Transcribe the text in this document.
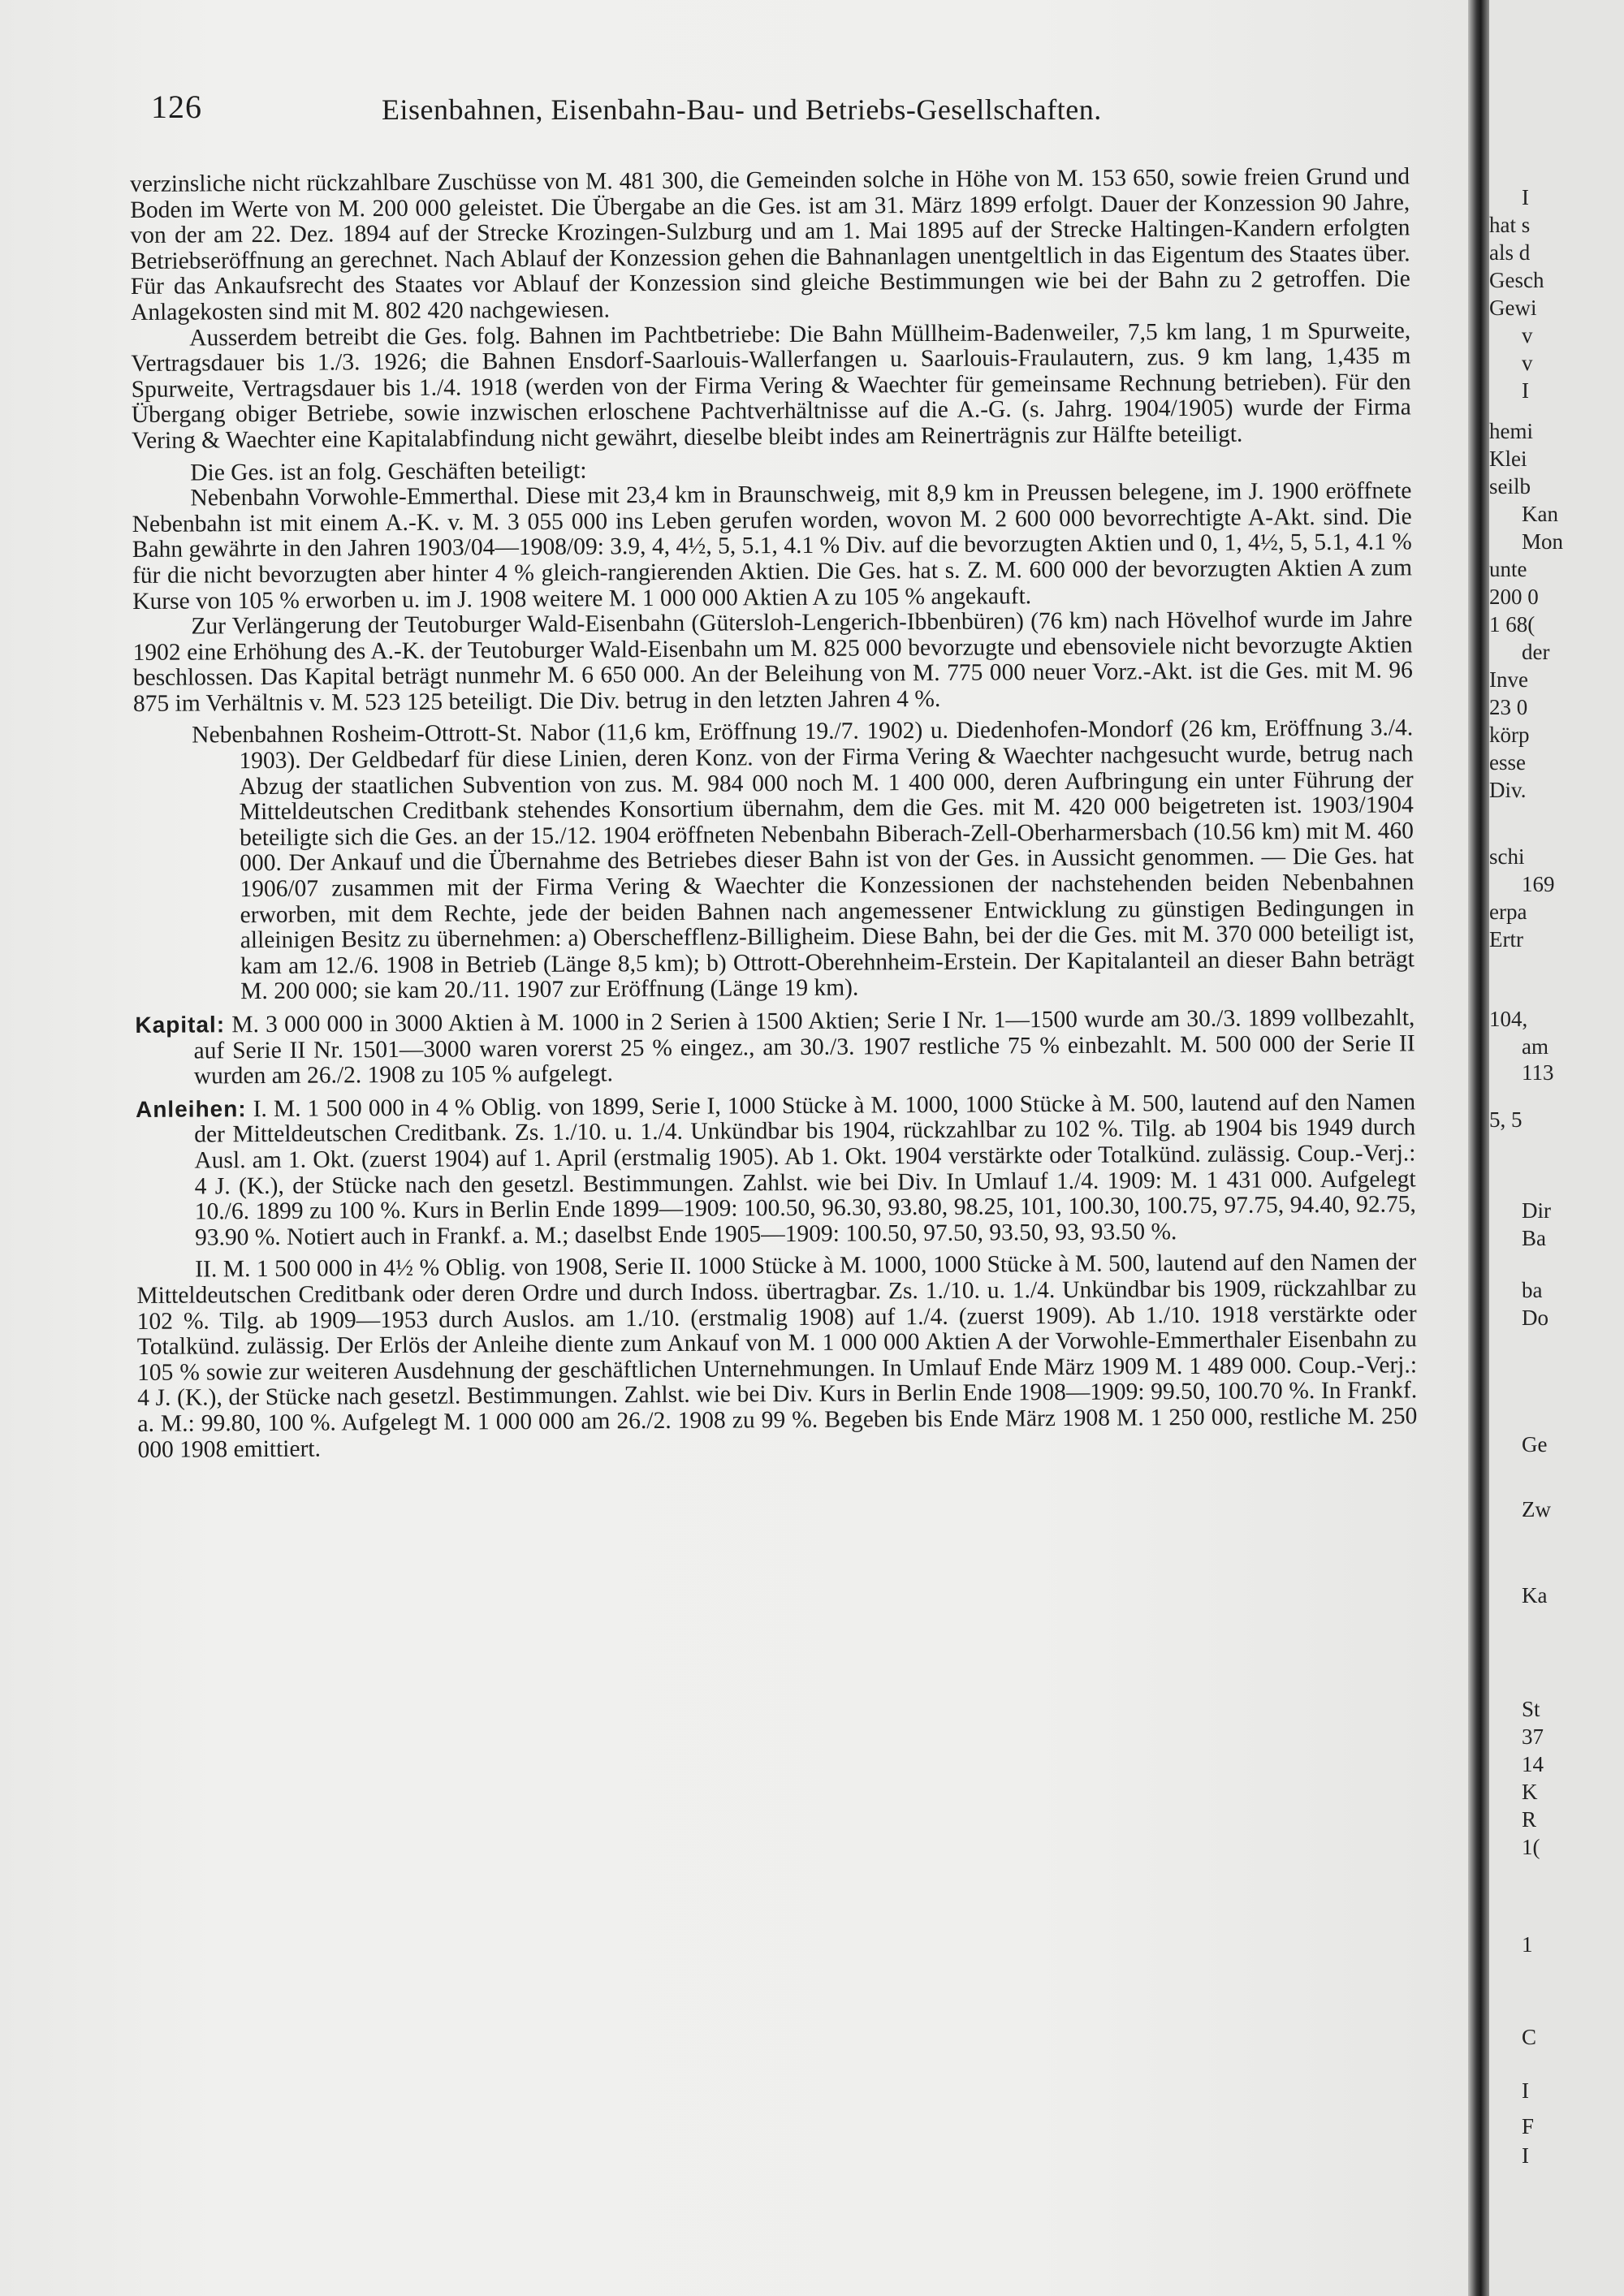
126	Eisenbahnen, Eisenbahn-Bau- und Betriebs-Gesellschaften.

verzinsliche nicht rückzahlbare Zuschüsse von M. 481 300, die Gemeinden solche in Höhe von M. 153 650, sowie freien Grund und Boden im Werte von M. 200 000 geleistet. Die Übergabe an die Ges. ist am 31. März 1899 erfolgt. Dauer der Konzession 90 Jahre, von der am 22. Dez. 1894 auf der Strecke Krozingen-Sulzburg und am 1. Mai 1895 auf der Strecke Haltingen-Kandern erfolgten Betriebseröffnung an gerechnet. Nach Ablauf der Konzession gehen die Bahnanlagen unentgeltlich in das Eigentum des Staates über. Für das Ankaufsrecht des Staates vor Ablauf der Konzession sind gleiche Bestimmungen wie bei der Bahn zu 2 getroffen. Die Anlagekosten sind mit M. 802 420 nachgewiesen.

Ausserdem betreibt die Ges. folg. Bahnen im Pachtbetriebe: Die Bahn Müllheim-Badenweiler, 7,5 km lang, 1 m Spurweite, Vertragsdauer bis 1./3. 1926; die Bahnen Ensdorf-Saarlouis-Wallerfangen u. Saarlouis-Fraulautern, zus. 9 km lang, 1,435 m Spurweite, Vertragsdauer bis 1./4. 1918 (werden von der Firma Vering & Waechter für gemeinsame Rechnung betrieben). Für den Übergang obiger Betriebe, sowie inzwischen erloschene Pachtverhältnisse auf die A.-G. (s. Jahrg. 1904/1905) wurde der Firma Vering & Waechter eine Kapitalabfindung nicht gewährt, dieselbe bleibt indes am Reinerträgnis zur Hälfte beteiligt.

Die Ges. ist an folg. Geschäften beteiligt:

Nebenbahn Vorwohle-Emmerthal. Diese mit 23,4 km in Braunschweig, mit 8,9 km in Preussen belegene, im J. 1900 eröffnete Nebenbahn ist mit einem A.-K. v. M. 3 055 000 ins Leben gerufen worden, wovon M. 2 600 000 bevorrechtigte A-Akt. sind. Die Bahn gewährte in den Jahren 1903/04—1908/09: 3.9, 4, 4½, 5, 5.1, 4.1 % Div. auf die bevorzugten Aktien und 0, 1, 4½, 5, 5.1, 4.1 % für die nicht bevorzugten aber hinter 4 % gleich-rangierenden Aktien. Die Ges. hat s. Z. M. 600 000 der bevorzugten Aktien A zum Kurse von 105 % erworben u. im J. 1908 weitere M. 1 000 000 Aktien A zu 105 % angekauft.

Zur Verlängerung der Teutoburger Wald-Eisenbahn (Gütersloh-Lengerich-Ibbenbüren) (76 km) nach Hövelhof wurde im Jahre 1902 eine Erhöhung des A.-K. der Teutoburger Wald-Eisenbahn um M. 825 000 bevorzugte und ebensoviele nicht bevorzugte Aktien beschlossen. Das Kapital beträgt nunmehr M. 6 650 000. An der Beleihung von M. 775 000 neuer Vorz.-Akt. ist die Ges. mit M. 96 875 im Verhältnis v. M. 523 125 beteiligt. Die Div. betrug in den letzten Jahren 4 %.

Nebenbahnen Rosheim-Ottrott-St. Nabor (11,6 km, Eröffnung 19./7. 1902) u. Diedenhofen-Mondorf (26 km, Eröffnung 3./4. 1903). Der Geldbedarf für diese Linien, deren Konz. von der Firma Vering & Waechter nachgesucht wurde, betrug nach Abzug der staatlichen Subvention von zus. M. 984 000 noch M. 1 400 000, deren Aufbringung ein unter Führung der Mitteldeutschen Creditbank stehendes Konsortium übernahm, dem die Ges. mit M. 420 000 beigetreten ist. 1903/1904 beteiligte sich die Ges. an der 15./12. 1904 eröffneten Nebenbahn Biberach-Zell-Oberharmersbach (10.56 km) mit M. 460 000. Der Ankauf und die Übernahme des Betriebes dieser Bahn ist von der Ges. in Aussicht genommen. — Die Ges. hat 1906/07 zusammen mit der Firma Vering & Waechter die Konzessionen der nachstehenden beiden Nebenbahnen erworben, mit dem Rechte, jede der beiden Bahnen nach angemessener Entwicklung zu günstigen Bedingungen in alleinigen Besitz zu übernehmen: a) Oberschefflenz-Billigheim. Diese Bahn, bei der die Ges. mit M. 370 000 beteiligt ist, kam am 12./6. 1908 in Betrieb (Länge 8,5 km); b) Ottrott-Oberehnheim-Erstein. Der Kapitalanteil an dieser Bahn beträgt M. 200 000; sie kam 20./11. 1907 zur Eröffnung (Länge 19 km).

Kapital: M. 3 000 000 in 3000 Aktien à M. 1000 in 2 Serien à 1500 Aktien; Serie I Nr. 1—1500 wurde am 30./3. 1899 vollbezahlt, auf Serie II Nr. 1501—3000 waren vorerst 25 % eingez., am 30./3. 1907 restliche 75 % einbezahlt. M. 500 000 der Serie II wurden am 26./2. 1908 zu 105 % aufgelegt.

Anleihen: I. M. 1 500 000 in 4 % Oblig. von 1899, Serie I, 1000 Stücke à M. 1000, 1000 Stücke à M. 500, lautend auf den Namen der Mitteldeutschen Creditbank. Zs. 1./10. u. 1./4. Unkündbar bis 1904, rückzahlbar zu 102 %. Tilg. ab 1904 bis 1949 durch Ausl. am 1. Okt. (zuerst 1904) auf 1. April (erstmalig 1905). Ab 1. Okt. 1904 verstärkte oder Totalkünd. zulässig. Coup.-Verj.: 4 J. (K.), der Stücke nach den gesetzl. Bestimmungen. Zahlst. wie bei Div. In Umlauf 1./4. 1909: M. 1 431 000. Aufgelegt 10./6. 1899 zu 100 %. Kurs in Berlin Ende 1899—1909: 100.50, 96.30, 93.80, 98.25, 101, 100.30, 100.75, 97.75, 94.40, 92.75, 93.90 %. Notiert auch in Frankf. a. M.; daselbst Ende 1905—1909: 100.50, 97.50, 93.50, 93, 93.50 %.

II. M. 1 500 000 in 4½ % Oblig. von 1908, Serie II. 1000 Stücke à M. 1000, 1000 Stücke à M. 500, lautend auf den Namen der Mitteldeutschen Creditbank oder deren Ordre und durch Indoss. übertragbar. Zs. 1./10. u. 1./4. Unkündbar bis 1909, rückzahlbar zu 102 %. Tilg. ab 1909—1953 durch Auslos. am 1./10. (erstmalig 1908) auf 1./4. (zuerst 1909). Ab 1./10. 1918 verstärkte oder Totalkünd. zulässig. Der Erlös der Anleihe diente zum Ankauf von M. 1 000 000 Aktien A der Vorwohle-Emmerthaler Eisenbahn zu 105 % sowie zur weiteren Ausdehnung der geschäftlichen Unternehmungen. In Umlauf Ende März 1909 M. 1 489 000. Coup.-Verj.: 4 J. (K.), der Stücke nach gesetzl. Bestimmungen. Zahlst. wie bei Div. Kurs in Berlin Ende 1908—1909: 99.50, 100.70 %. In Frankf. a. M.: 99.80, 100 %. Aufgelegt M. 1 000 000 am 26./2. 1908 zu 99 %. Begeben bis Ende März 1908 M. 1 250 000, restliche M. 250 000 1908 emittiert.

I
hat s
als d
Gesch
Gewi
v
v
I
hemi
Klei
seilb
Kan
Mon
unte
200 0
1 68(
der
Inve
23 0
körp
esse
Div.
schi
169
erpa
Ertr
104,
am
113
5, 5
Dir
Ba
ba
Do
Ge
Zw
Ka
St
37
14
K
R
1(
1
C
I
F
I
